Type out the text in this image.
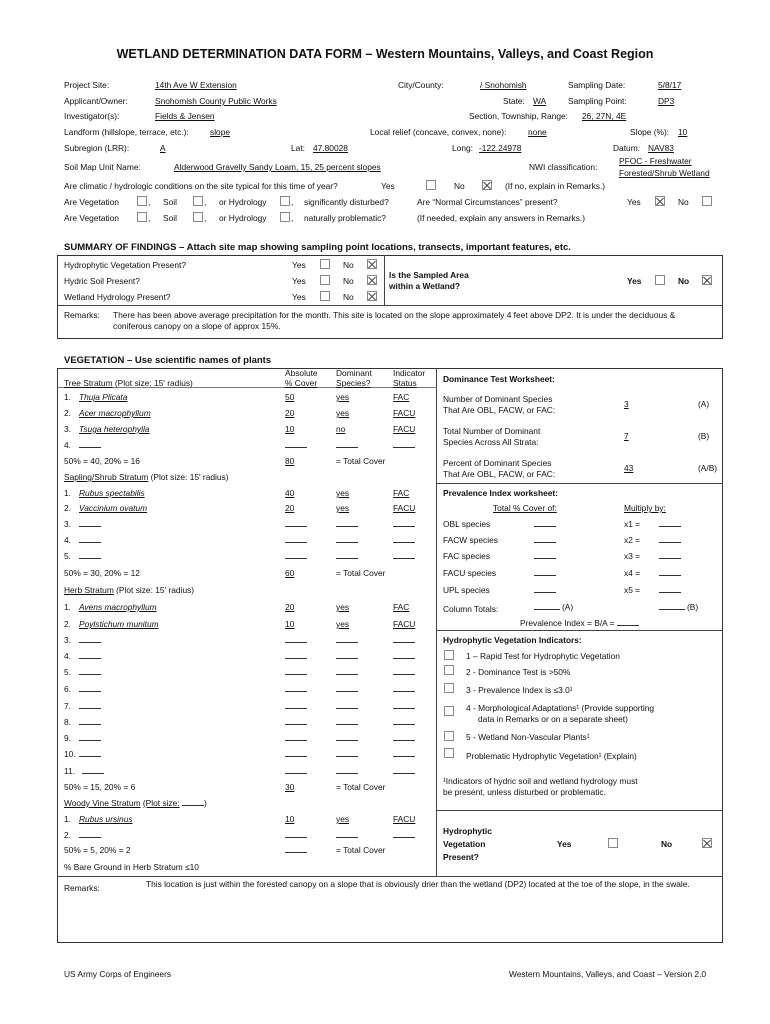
WETLAND DETERMINATION DATA FORM – Western Mountains, Valleys, and Coast Region
Project Site:	14th Ave W Extension	City/County:	/ Snohomish	Sampling Date:	5/8/17
Applicant/Owner:	Snohomish County Public Works	State: WA	Sampling Point:	DP3
Investigator(s):	Fields & Jensen	Section, Township, Range: 26, 27N, 4E
Landform (hillslope, terrace, etc.):	slope	Local relief (concave, convex, none):	none	Slope (%): 10
Subregion (LRR):	A	Lat: 47.80028	Long: -122.24978	Datum: NAV83
Soil Map Unit Name:	Alderwood Gravelly Sandy Loam, 15, 25 percent slopes	NWI classification:
PFOC - Freshwater
Forested/Shrub Wetland
Are climatic / hydrologic conditions on the site typical for this time of year?	Yes	No	(If no, explain in Remarks.)
Are Vegetation	, Soil	, or Hydrology	, significantly disturbed?	Are “Normal Circumstances” present?	Yes	No
Are Vegetation	, Soil	, or Hydrology	, naturally problematic?	(If needed, explain any answers in Remarks.)
SUMMARY OF FINDINGS – Attach site map showing sampling point locations, transects, important features, etc.
Hydrophytic Vegetation Present?	Yes	No
Hydric Soil Present?	Yes	No
Wetland Hydrology Present?	Yes	No
Is the Sampled Area
within a Wetland?	Yes	No
Remarks: There has been above average precipitation for the month. This site is located on the slope approximately 4 feet above DP2. It is under the deciduous &
coniferous canopy on a slope of approx 15%.
VEGETATION – Use scientific names of plants
Absolute
% Cover
Dominant
Species?
Indicator
Status
Tree Stratum (Plot size: 15' radius)
1. Thuja Plicata	50	yes	FAC
2. Acer macrophyllum	20	yes	FACU
3. Tsuga heterophylla	10	no	FACU
4.
50% = 40, 20% = 16	80	= Total Cover
Sapling/Shrub Stratum (Plot size: 15' radius)
1. Rubus spectabilis	40	yes	FAC
2. Vaccinium ovatum	20	yes	FACU
3.
4.
5.
50% = 30, 20% = 12	60	= Total Cover
Herb Stratum (Plot size: 15' radius)
1. Avens macrophyllum	20	yes	FAC
2. Poylstichum munitum	10	yes	FACU
3.
4.
5.
6.
7.
8.
9.
10.
11.
50% = 15, 20% = 6	30	= Total Cover
Woody Vine Stratum (Plot size:	)
1. Rubus ursinus	10	yes	FACU
2.
50% = 5, 20% = 2	= Total Cover
% Bare Ground in Herb Stratum ≤10
Remarks:	This location is just within the forested canopy on a slope that is obviously drier than the wetland (DP2) located at the toe of the slope, in the swale.
Dominance Test Worksheet:
Number of Dominant Species
That Are OBL, FACW, or FAC:
3	(A)
Total Number of Dominant
Species Across All Strata:
7	(B)
Percent of Dominant Species
That Are OBL, FACW, or FAC:
43	(A/B)
Prevalence Index worksheet:
Total % Cover of:	Multiply by:
OBL species	x1 =
FACW species	x2 =
FAC species	x3 =
FACU species	x4 =
UPL species	x5 =
Column Totals:	(A)	(B)
Prevalence Index = B/A =
Hydrophytic Vegetation Indicators:
1 – Rapid Test for Hydrophytic Vegetation
2 - Dominance Test is >50%
3 - Prevalence Index is ≤3.0¹
4 - Morphological Adaptations¹ (Provide supporting
data in Remarks or on a separate sheet)
5 - Wetland Non-Vascular Plants¹
Problematic Hydrophytic Vegetation¹ (Explain)
¹Indicators of hydric soil and wetland hydrology must
be present, unless disturbed or problematic.
Hydrophytic
Vegetation
Present?
Yes	No
US Army Corps of Engineers	Western Mountains, Valleys, and Coast – Version 2.0
